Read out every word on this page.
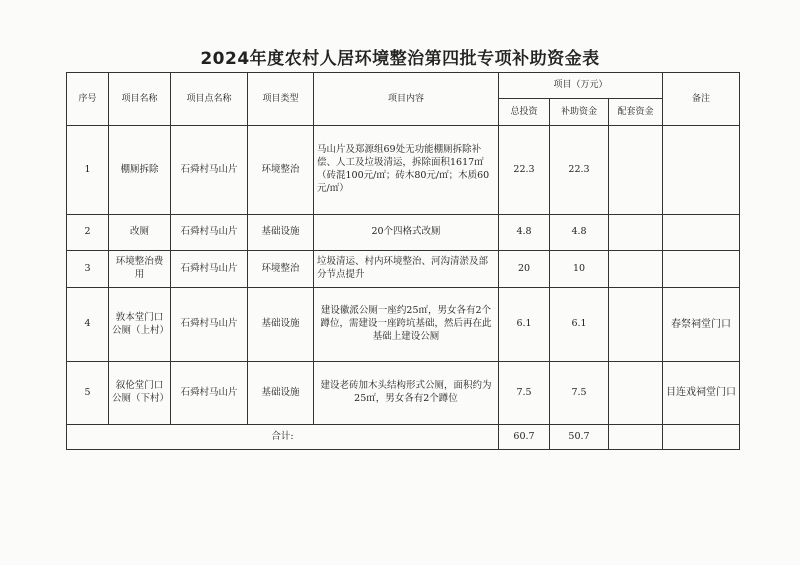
2024年度农村人居环境整治第四批专项补助资金表
序号	项目名称	项目点名称	项目类型	项目内容	项目（万元）			备注
					总投资	补助资金	配套资金	
1	棚厕拆除	石舜村马山片	环境整治	马山片及郑源组69处无功能棚厕拆除补偿、人工及垃圾清运，拆除面积1617㎡（砖混100元/㎡；砖木80元/㎡；木质60元/㎡）	22.3	22.3		
2	改厕	石舜村马山片	基础设施	20个四格式改厕	4.8	4.8		
3	环境整治费用	石舜村马山片	环境整治	垃圾清运、村内环境整治、河沟清淤及部分节点提升	20	10		
4	敦本堂门口公厕（上村）	石舜村马山片	基础设施	建设徽派公厕一座约25㎡，男女各有2个蹲位，需建设一座跨坑基础，然后再在此基础上建设公厕	6.1	6.1		春祭祠堂门口
5	叙伦堂门口公厕（下村）	石舜村马山片	基础设施	建设老砖加木头结构形式公厕，面积约为25㎡，男女各有2个蹲位	7.5	7.5		目连戏祠堂门口
合计:					60.7	50.7		
